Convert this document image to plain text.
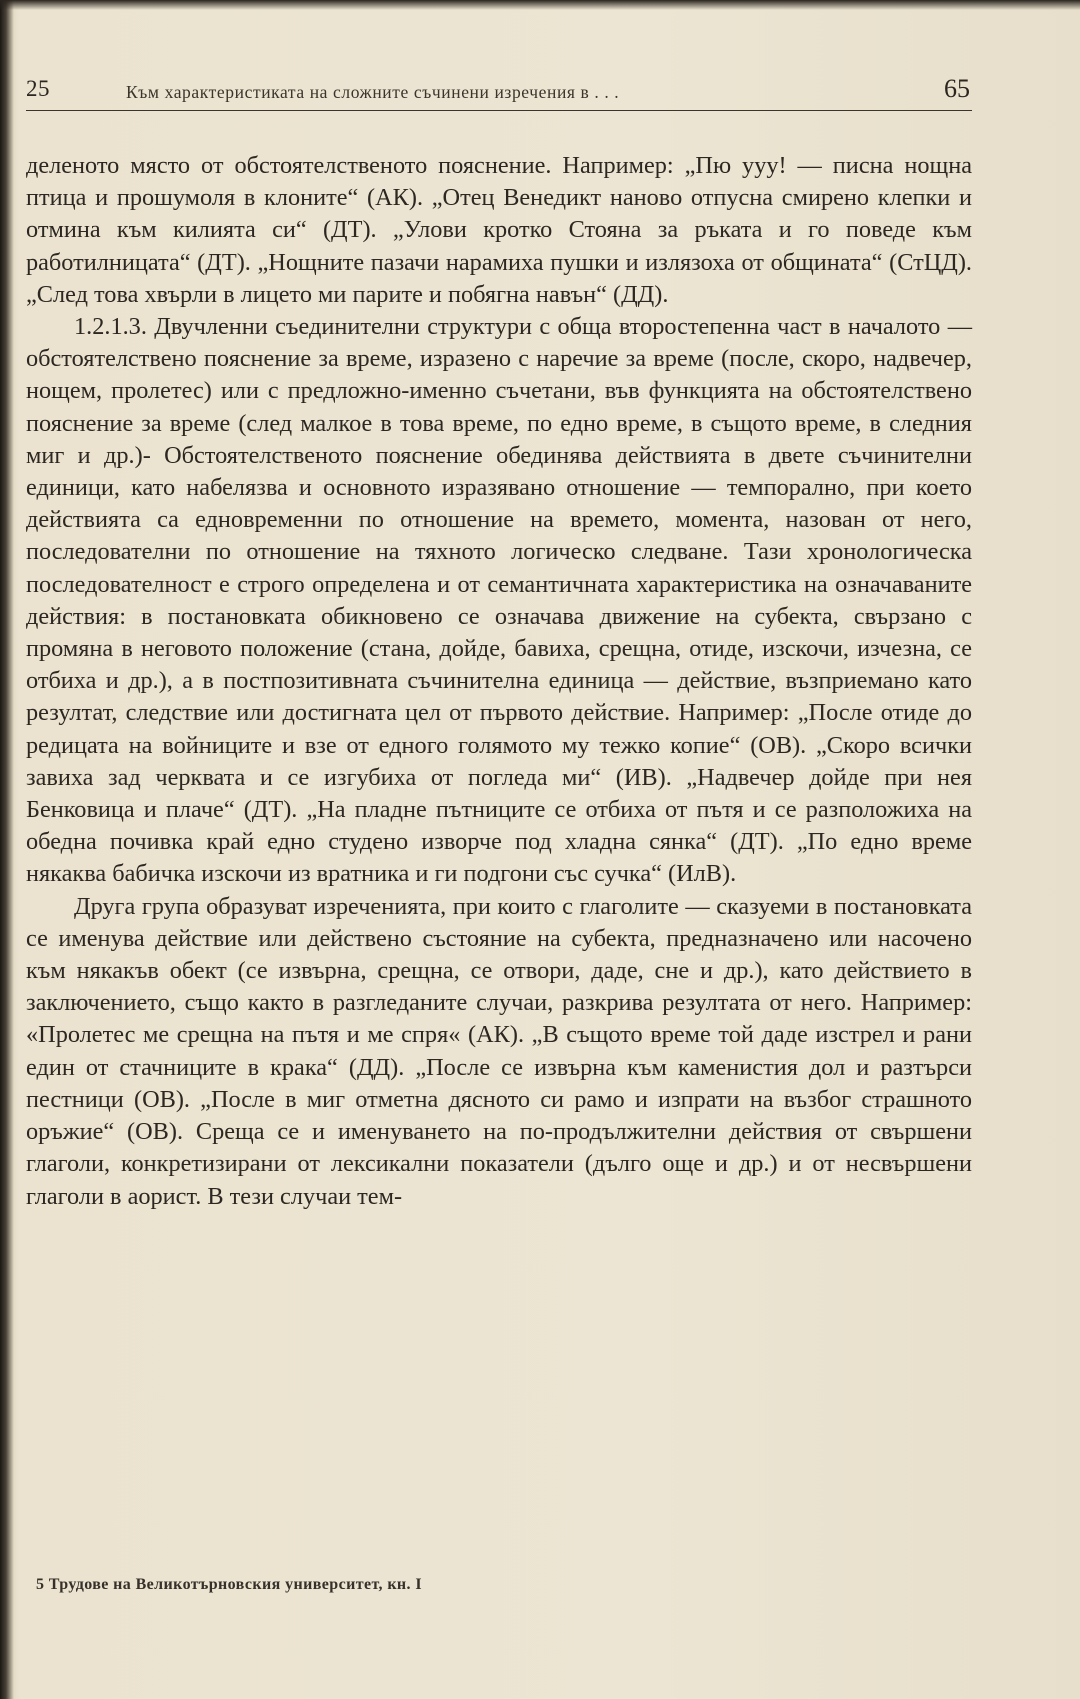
25	Към характеристиката на сложните съчинени изречения в . . .	65

деленото място от обстоятелственото пояснение. Например: „Пю ууу! — писна нощна птица и прошумоля в клоните“ (АК). „Отец Венедикт наново отпусна смирено клепки и отмина към килията си“ (ДТ). „Улови кротко Стояна за ръката и го поведе към работилницата“ (ДТ). „Нощните пазачи нарамиха пушки и излязоха от общината“ (СтЦД). „След това хвърли в лицето ми парите и побягна навън“ (ДД).

1.2.1.3. Двучленни съединителни структури с обща второстепенна част в началото — обстоятелствено пояснение за време, изразено с наречие за време (после, скоро, надвечер, нощем, пролетес) или с предложно-именно съчетани, във функцията на обстоятелствено пояснение за време (след малкое в това време, по едно време, в същото време, в следния миг и др.)- Обстоятелственото пояснение обединява действията в двете съчинителни единици, като набелязва и основното изразявано отношение — темпорално, при което действията са едновременни по отношение на времето, момента, назован от него, последователни по отношение на тяхното логическо следване. Тази хронологическа последователност е строго определена и от семантичната характеристика на означаваните действия: в постановката обикновено се означава движение на субекта, свързано с промяна в неговото положение (стана, дойде, бавиха, срещна, отиде, изскочи, изчезна, се отбиха и др.), а в постпозитивната съчинителна единица — действие, възприемано като резултат, следствие или достигната цел от първото действие. Например: „После отиде до редицата на войниците и взе от едного голямото му тежко копие“ (ОВ). „Скоро всички завиха зад черквата и се изгубиха от погледа ми“ (ИВ). „Надвечер дойде при нея Бенковица и плаче“ (ДТ). „На пладне пътниците се отбиха от пътя и се разположиха на обедна почивка край едно студено изворче под хладна сянка“ (ДТ). „По едно време някаква бабичка изскочи из вратника и ги подгони със сучка“ (ИлВ).

Друга група образуват изреченията, при които с глаголите — сказуеми в постановката се именува действие или действено състояние на субекта, предназначено или насочено към някакъв обект (се извърна, срещна, се отвори, даде, сне и др.), като действието в заключението, също както в разгледаните случаи, разкрива резултата от него. Например: «Пролетес ме срещна на пътя и ме спря« (АК). „В същото време той даде изстрел и рани един от стачниците в крака“ (ДД). „После се извърна към каменистия дол и разтърси пестници (ОВ). „После в миг отметна дясното си рамо и изпрати на възбог страшното оръжие“ (ОВ). Среща се и именуването на по-продължителни действия от свършени глаголи, конкретизирани от лексикални показатели (дълго още и др.) и от несвършени глаголи в аорист. В тези случаи тем-

5 Трудове на Великотърновския университет, кн. I
